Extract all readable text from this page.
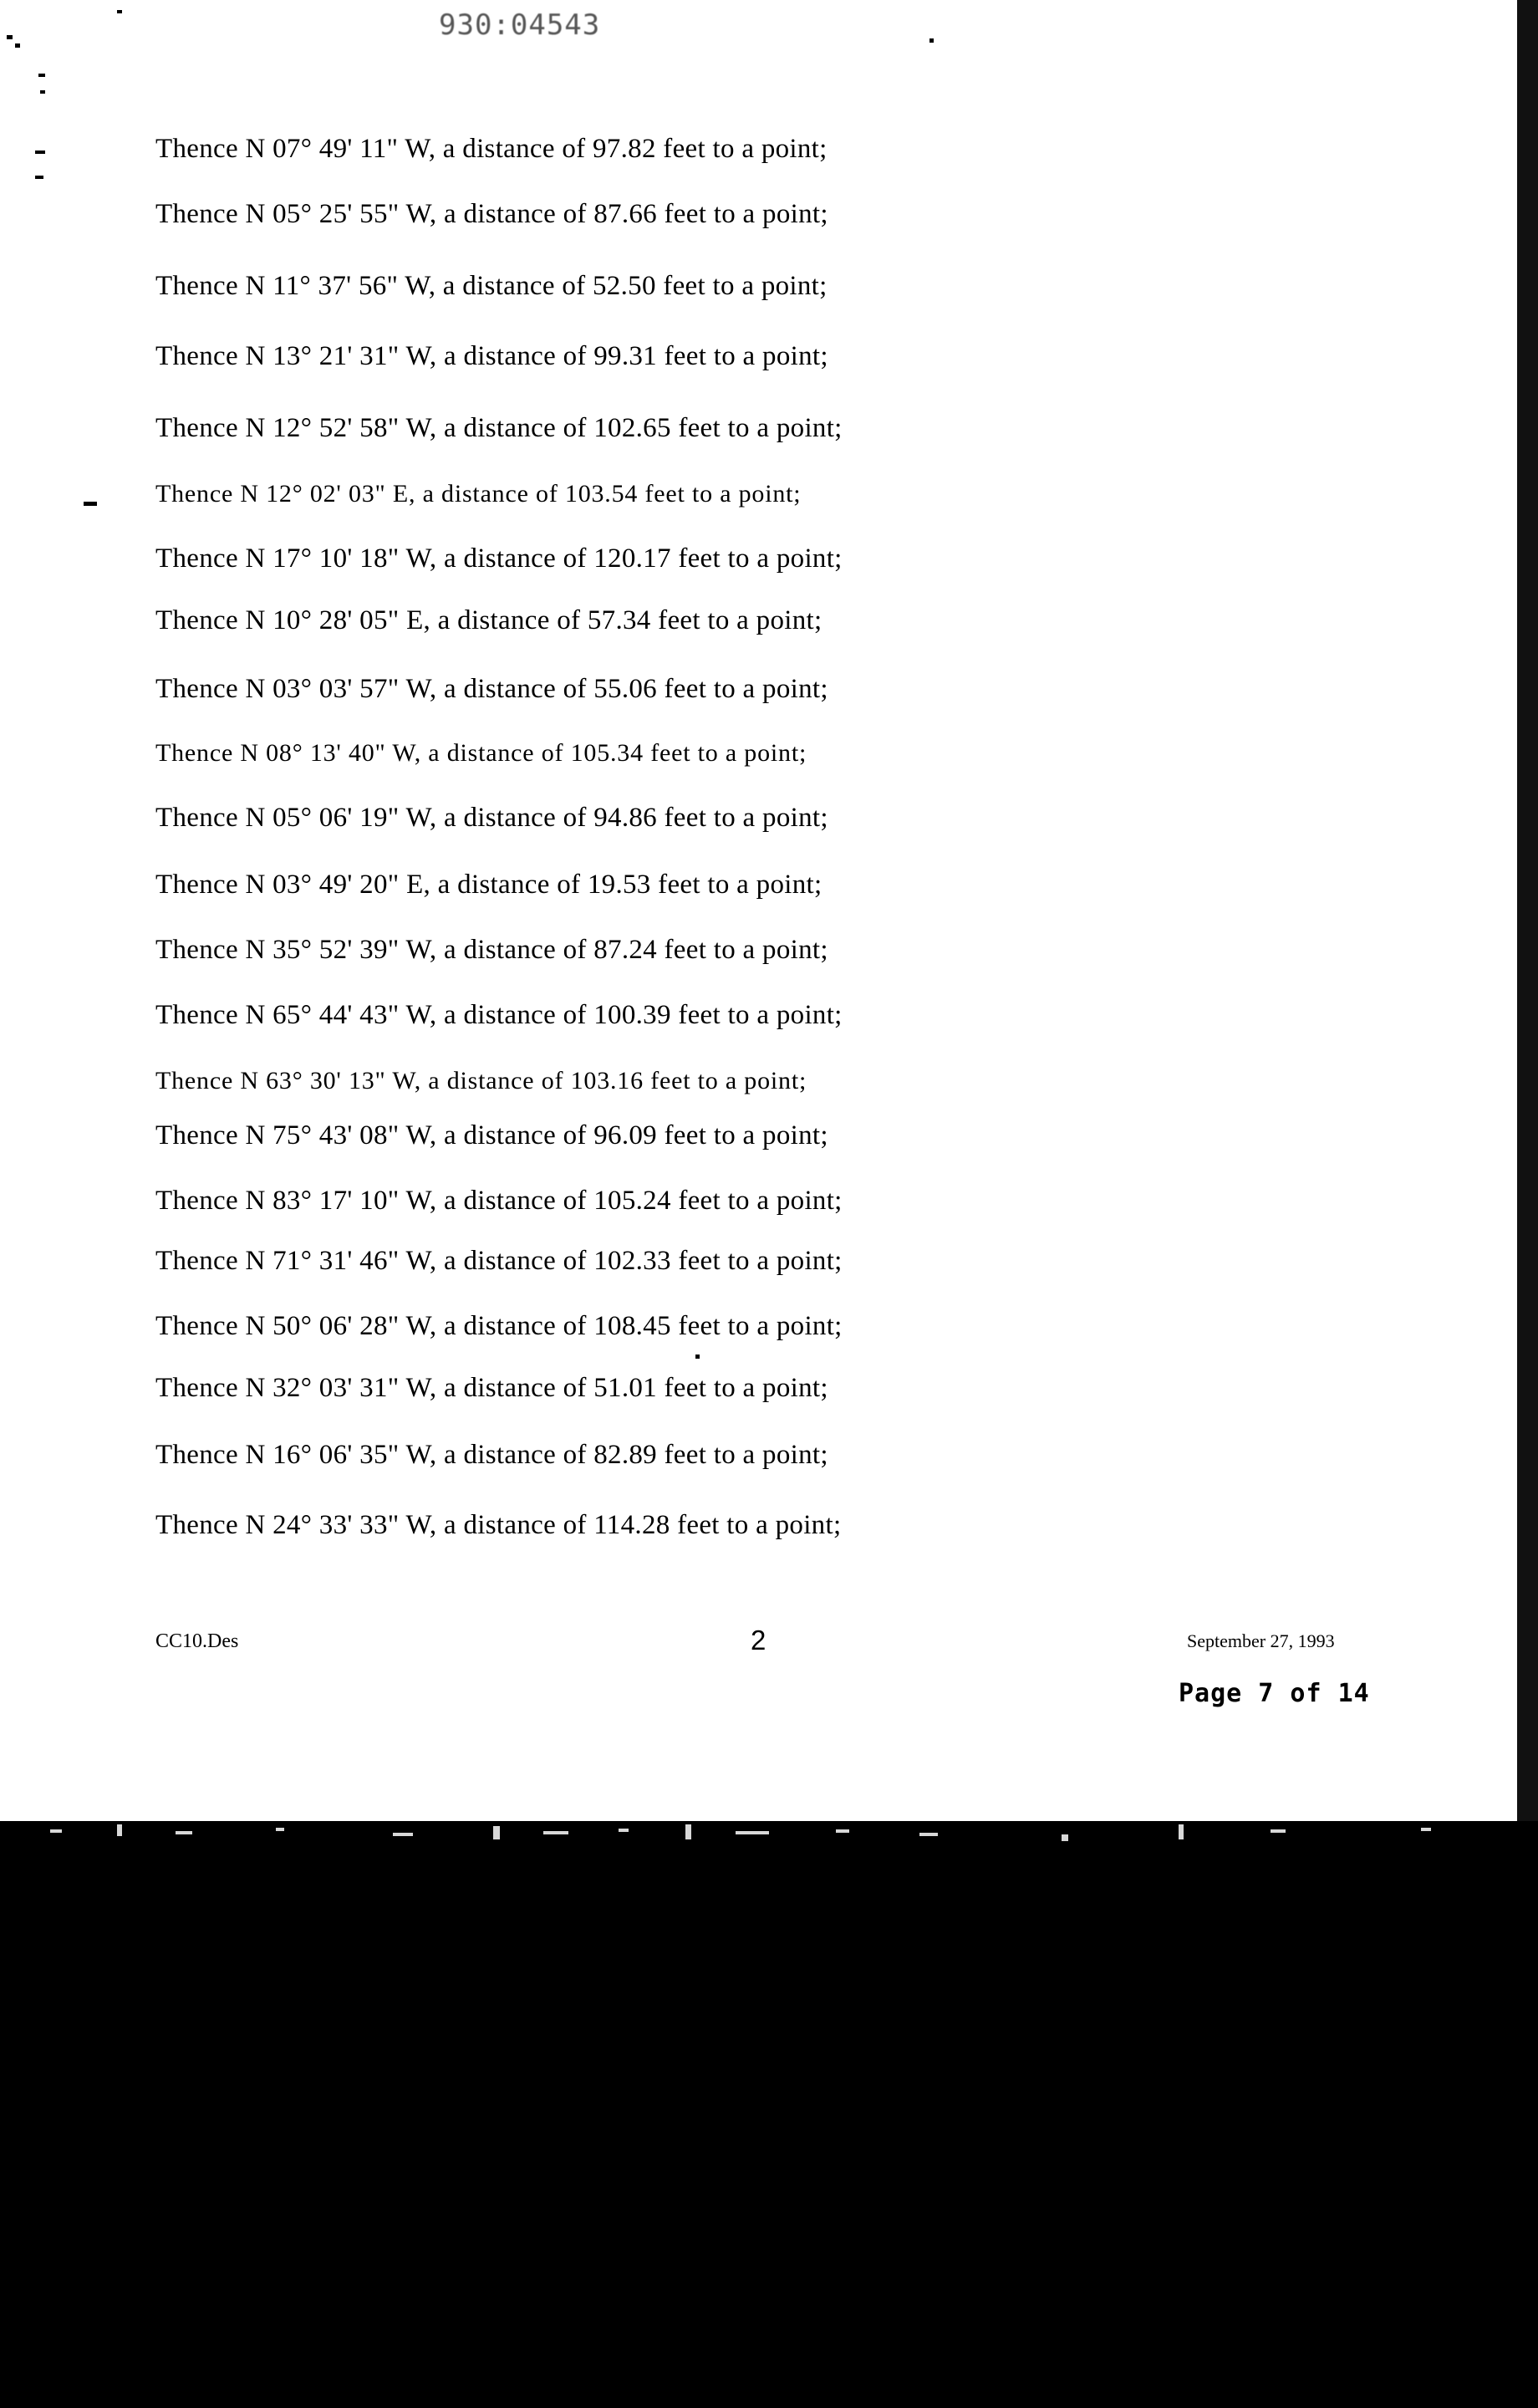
930:04543
Thence N 07° 49' 11" W, a distance of 97.82 feet to a point;
Thence N 05° 25' 55" W, a distance of 87.66 feet to a point;
Thence N 11° 37' 56" W, a distance of 52.50 feet to a point;
Thence N 13° 21' 31" W, a distance of 99.31 feet to a point;
Thence N 12° 52' 58" W, a distance of 102.65 feet to a point;
Thence N 12° 02' 03" E, a distance of 103.54 feet to a point;
Thence N 17° 10' 18" W, a distance of 120.17 feet to a point;
Thence N 10° 28' 05" E, a distance of 57.34 feet to a point;
Thence N 03° 03' 57" W, a distance of 55.06 feet to a point;
Thence N 08° 13' 40" W, a distance of 105.34 feet to a point;
Thence N 05° 06' 19" W, a distance of 94.86 feet to a point;
Thence N 03° 49' 20" E, a distance of 19.53 feet to a point;
Thence N 35° 52' 39" W, a distance of 87.24 feet to a point;
Thence N 65° 44' 43" W, a distance of 100.39 feet to a point;
Thence N 63° 30' 13" W, a distance of 103.16 feet to a point;
Thence N 75° 43' 08" W, a distance of 96.09 feet to a point;
Thence N 83° 17' 10" W, a distance of 105.24 feet to a point;
Thence N 71° 31' 46" W, a distance of 102.33 feet to a point;
Thence N 50° 06' 28" W, a distance of 108.45 feet to a point;
Thence N 32° 03' 31" W, a distance of 51.01 feet to a point;
Thence N 16° 06' 35" W, a distance of 82.89 feet to a point;
Thence N 24° 33' 33" W, a distance of 114.28 feet to a point;
CC10.Des	2	September 27, 1993
Page 7 of 14
